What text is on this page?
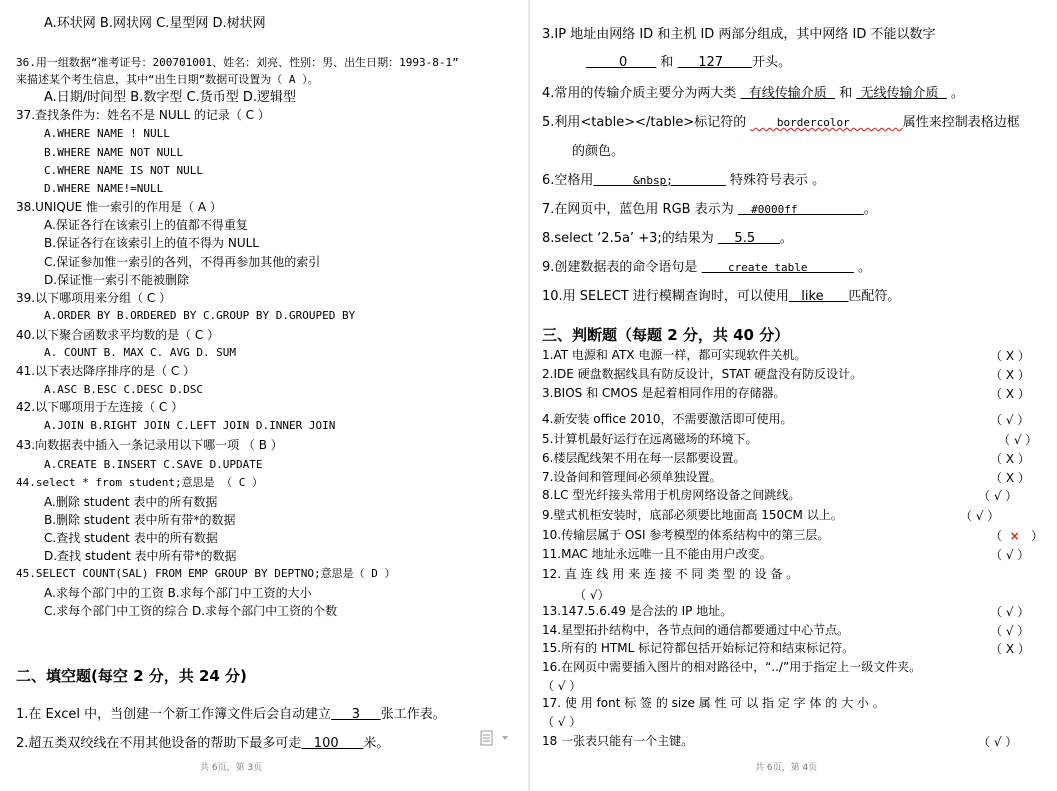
A.环状网 B.网状网 C.星型网 D.树状网
36.用一组数据“准考证号：200701001、姓名：刘亮、性别：男、出生日期：1993-8-1”
来描述某个考生信息，其中“出生日期”数据可设置为（ A ）。
A.日期/时间型 B.数字型 C.货币型 D.逻辑型
37.查找条件为：姓名不是 NULL 的记录（ C ）
A.WHERE NAME ! NULL
B.WHERE NAME NOT NULL
C.WHERE NAME IS NOT NULL
D.WHERE NAME!=NULL
38.UNIQUE 惟一索引的作用是（ A ）
A.保证各行在该索引上的值都不得重复
B.保证各行在该索引上的值不得为 NULL
C.保证参加惟一索引的各列，不得再参加其他的索引
D.保证惟一索引不能被删除
39.以下哪项用来分组（ C ）
A.ORDER BY B.ORDERED BY C.GROUP BY D.GROUPED BY
40.以下聚合函数求平均数的是（ C ）
A. COUNT B. MAX C. AVG D. SUM
41.以下表达降序排序的是（ C ）
A.ASC B.ESC C.DESC D.DSC
42.以下哪项用于左连接（ C ）
A.JOIN B.RIGHT JOIN C.LEFT JOIN D.INNER JOIN
43.向数据表中插入一条记录用以下哪一项 （ B ）
A.CREATE B.INSERT C.SAVE D.UPDATE
44.select * from student;意思是 （ C ）
A.删除 student 表中的所有数据
B.删除 student 表中所有带*的数据
C.查找 student 表中的所有数据
D.查找 student 表中所有带*的数据
45.SELECT COUNT(SAL) FROM EMP GROUP BY DEPTNO;意思是（ D ）
A.求每个部门中的工资 B.求每个部门中工资的大小
C.求每个部门中工资的综合 D.求每个部门中工资的个数
二、填空题(每空 2 分，共 24 分)
1.在 Excel 中，当创建一个新工作簿文件后会自动建立     3     张工作表。
2.超五类双绞线在不用其他设备的帮助下最多可走   100      米。
共 6页，第 3页
3.IP 地址由网络 ID 和主机 ID 两部分组成，其中网络 ID 不能以数字
0        和      127       开头。
4.常用的传输介质主要分为两大类   有线传输介质   和  无线传输介质   。
5.利用<table></table>标记符的     bordercolor        属性来控制表格边框
的颜色。
6.空格用      &nbsp;         特殊符号表示 。
7.在网页中，蓝色用 RGB 表示为   #0000ff          。
8.select ‘2.5a’ +3;的结果为     5.5      。
9.创建数据表的命令语句是     create table        。
10.用 SELECT 进行模糊查询时，可以使用   like      匹配符。
三、判断题（每题 2 分，共 40 分）
1.AT 电源和 ATX 电源一样，都可实现软件关机。	（ X ）
2.IDE 硬盘数据线具有防反设计，STAT 硬盘没有防反设计。	（ X ）
3.BIOS 和 CMOS 是起着相同作用的存储器。	（ X ）
4.新安装 office 2010，不需要激活即可使用。	（ √ ）
5.计算机最好运行在远离磁场的环境下。	（ √ ）
6.楼层配线架不用在每一层都要设置。	（ X ）
7.设备间和管理间必须单独设置。	（ X ）
8.LC 型光纤接头常用于机房网络设备之间跳线。	（ √ ）
9.壁式机柜安装时，底部必须要比地面高 150CM 以上。	（ √ ）
10.传输层属于 OSI 参考模型的体系结构中的第三层。	（  ×   ）
11.MAC 地址永远唯一且不能由用户改变。	（ √ ）
12. 直 连 线 用 来 连 接 不 同 类 型 的 设 备 。
（ √）
13.147.5.6.49 是合法的 IP 地址。	（ √ ）
14.星型拓扑结构中，各节点间的通信都要通过中心节点。	（ √ ）
15.所有的 HTML 标记符都包括开始标记符和结束标记符。	（ X ）
16.在网页中需要插入图片的相对路径中，“../”用于指定上一级文件夹。
（ √ ）
17. 使 用 font 标 签 的 size 属 性 可 以 指 定 字 体 的 大 小 。
（ √ ）
18 一张表只能有一个主键。	（ √ ）
共 6页，第 4页
